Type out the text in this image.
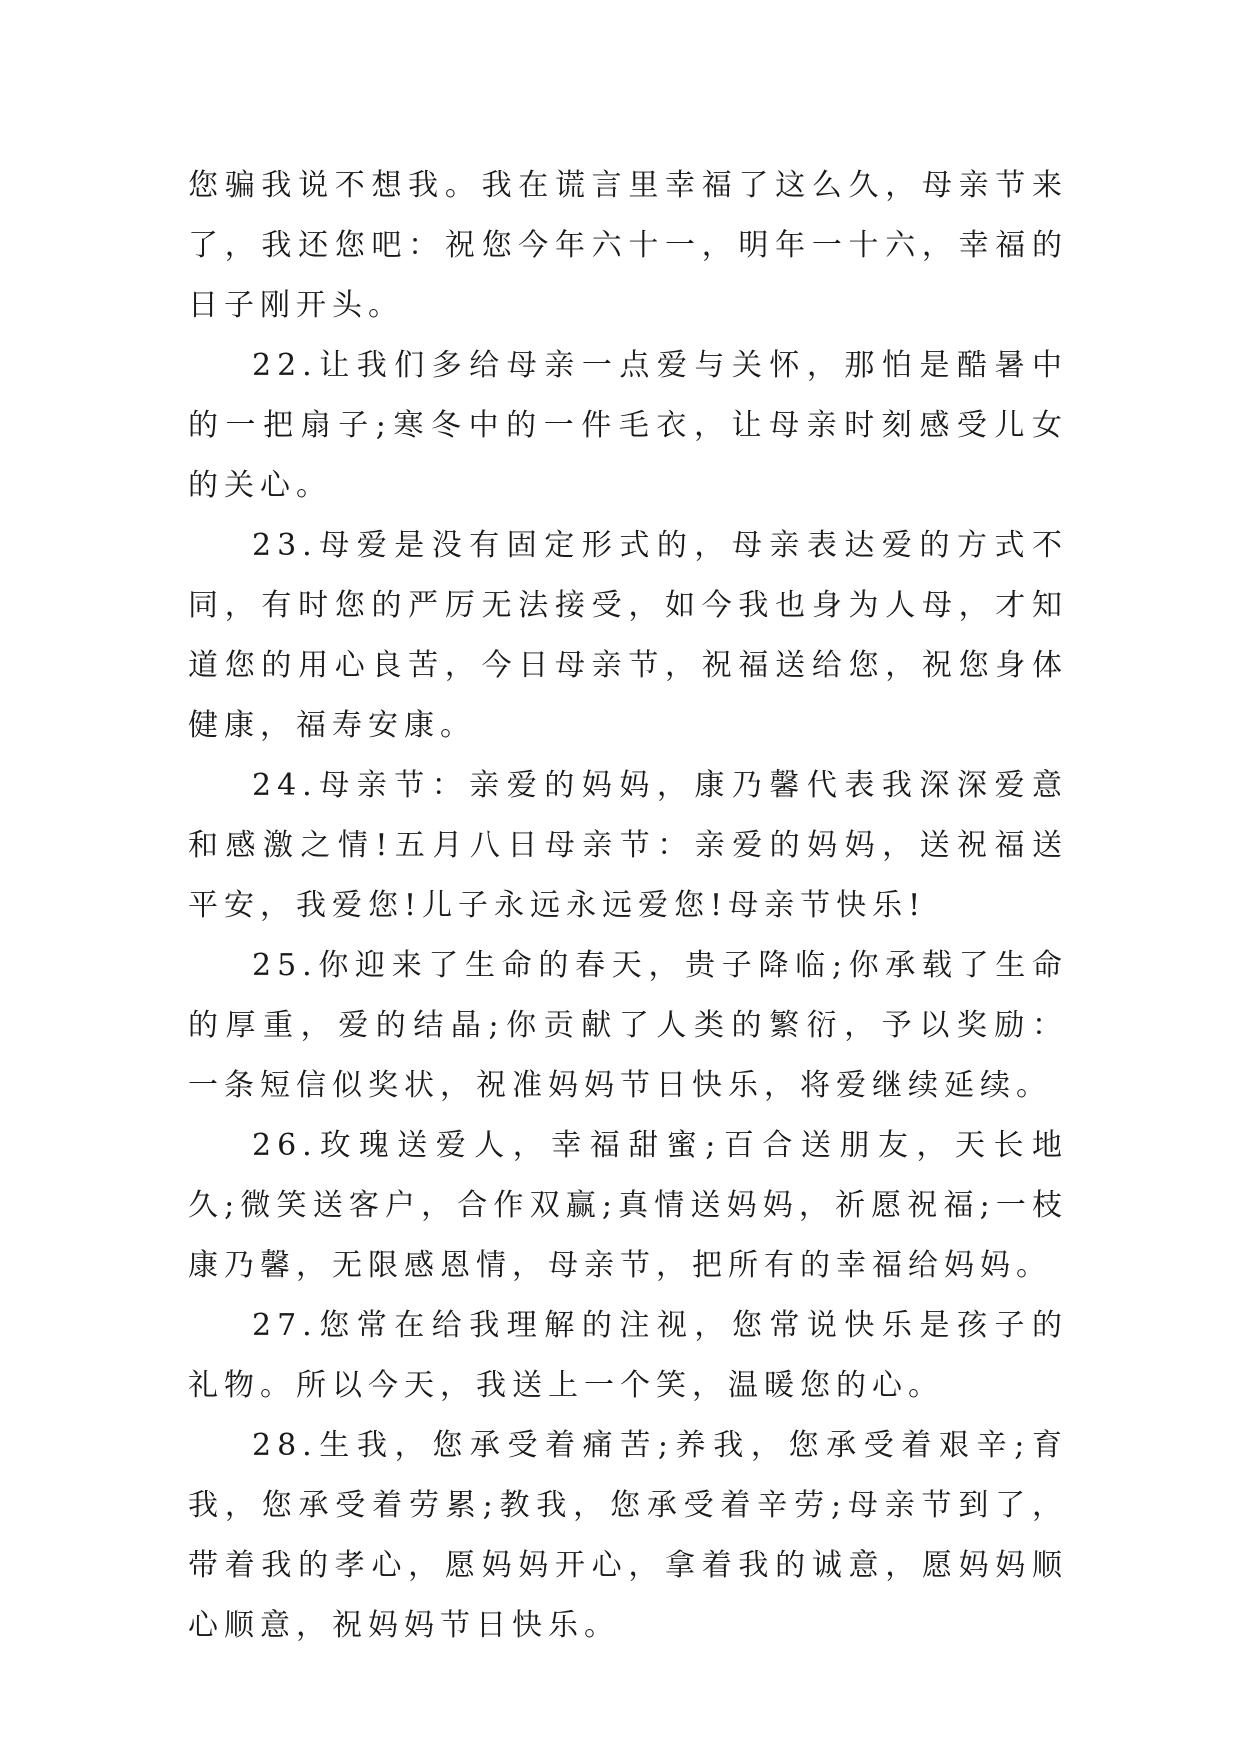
您骗我说不想我。我在谎言里幸福了这么久，母亲节来了，我还您吧：祝您今年六十一，明年一十六，幸福的日子刚开头。

22.让我们多给母亲一点爱与关怀，那怕是酷暑中的一把扇子;寒冬中的一件毛衣，让母亲时刻感受儿女的关心。

23.母爱是没有固定形式的，母亲表达爱的方式不同，有时您的严厉无法接受，如今我也身为人母，才知道您的用心良苦，今日母亲节，祝福送给您，祝您身体健康，福寿安康。

24.母亲节：亲爱的妈妈，康乃馨代表我深深爱意和感激之情!五月八日母亲节：亲爱的妈妈，送祝福送平安，我爱您!儿子永远永远爱您!母亲节快乐!

25.你迎来了生命的春天，贵子降临;你承载了生命的厚重，爱的结晶;你贡献了人类的繁衍，予以奖励：一条短信似奖状，祝准妈妈节日快乐，将爱继续延续。

26.玫瑰送爱人，幸福甜蜜;百合送朋友，天长地久;微笑送客户，合作双赢;真情送妈妈，祈愿祝福;一枝康乃馨，无限感恩情，母亲节，把所有的幸福给妈妈。

27.您常在给我理解的注视，您常说快乐是孩子的礼物。所以今天，我送上一个笑，温暖您的心。

28.生我，您承受着痛苦;养我，您承受着艰辛;育我，您承受着劳累;教我，您承受着辛劳;母亲节到了，带着我的孝心，愿妈妈开心，拿着我的诚意，愿妈妈顺心顺意，祝妈妈节日快乐。
